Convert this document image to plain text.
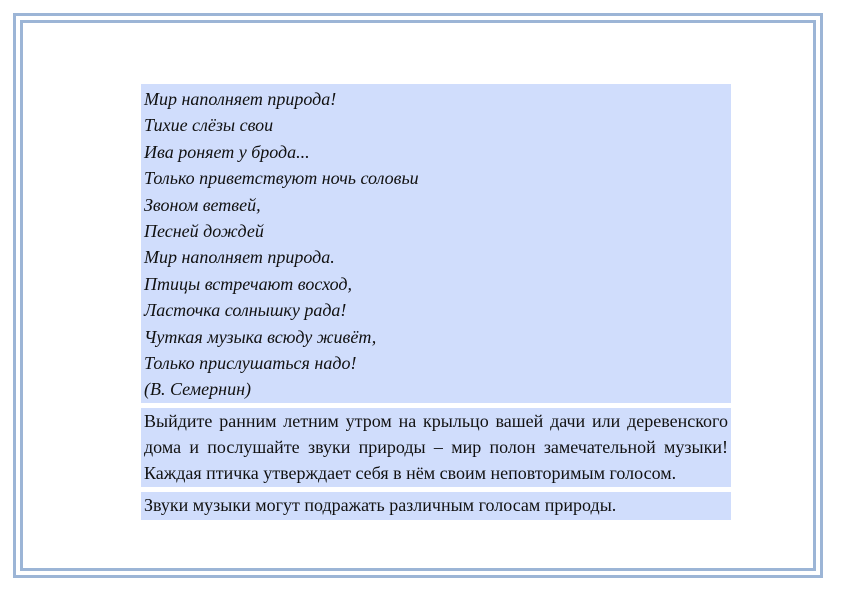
Мир наполняет природа!
Тихие слёзы свои
Ива роняет у брода...
Только приветствуют ночь соловьи
Звоном ветвей,
Песней дождей
Мир наполняет природа.
Птицы встречают восход,
Ласточка солнышку рада!
Чуткая музыка всюду живёт,
Только прислушаться надо!
(В. Семернин)
Выйдите ранним летним утром на крыльцо вашей дачи или деревенского дома и послушайте звуки природы – мир полон замечательной музыки! Каждая птичка утверждает себя в нём своим неповторимым голосом.
Звуки музыки могут подражать различным голосам природы.
